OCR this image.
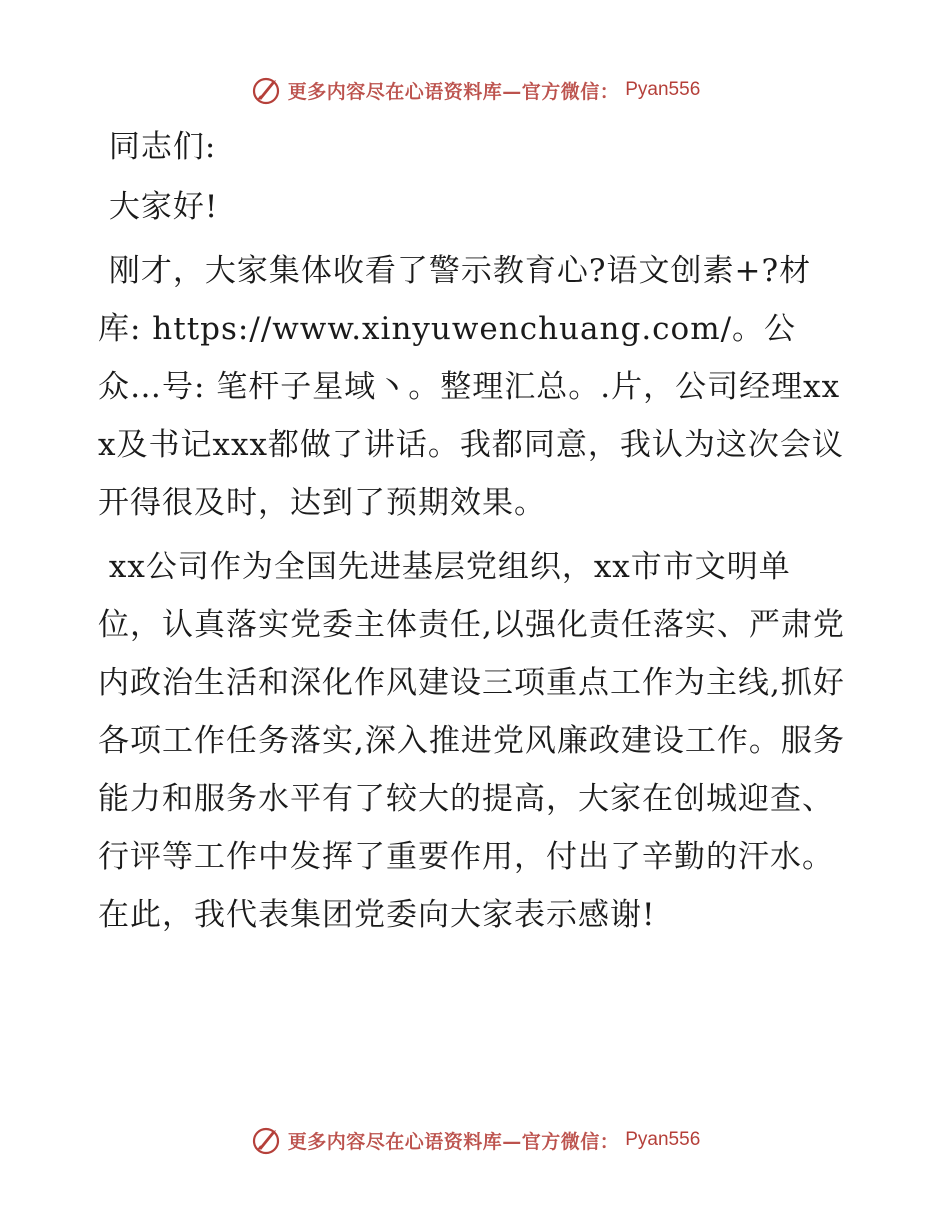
更多内容尽在心语资料库—官方微信： Pyan556

同志们:

大家好!

刚才，大家集体收看了警示教育心?语文创素+?材库: https://www.xinyuwenchuang.com/。公众…号: 笔杆子星域丶。整理汇总。.片，公司经理xxx及书记xxx都做了讲话。我都同意，我认为这次会议开得很及时，达到了预期效果。

xx公司作为全国先进基层党组织，xx市市文明单位，认真落实党委主体责任,以强化责任落实、严肃党内政治生活和深化作风建设三项重点工作为主线,抓好各项工作任务落实,深入推进党风廉政建设工作。服务能力和服务水平有了较大的提高，大家在创城迎查、行评等工作中发挥了重要作用，付出了辛勤的汗水。在此，我代表集团党委向大家表示感谢!

更多内容尽在心语资料库—官方微信： Pyan556
